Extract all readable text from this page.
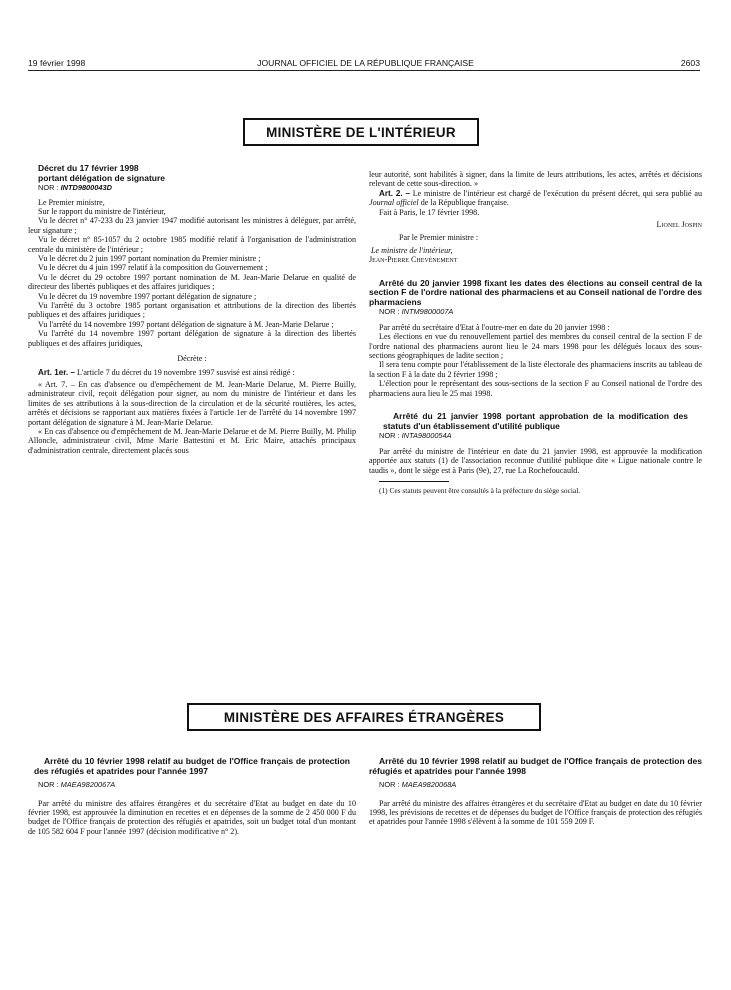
19 février 1998	JOURNAL OFFICIEL DE LA RÉPUBLIQUE FRANÇAISE	2603
MINISTÈRE DE L'INTÉRIEUR

Décret du 17 février 1998

portant délégation de signature

NOR : INTD9800043D

Le Premier ministre,

Sur le rapport du ministre de l'intérieur,

Vu le décret n° 47-233 du 23 janvier 1947 modifié autorisant les ministres à déléguer, par arrêté, leur signature ;

Vu le décret n° 85-1057 du 2 octobre 1985 modifié relatif à l'organisation de l'administration centrale du ministère de l'intérieur ;

Vu le décret du 2 juin 1997 portant nomination du Premier ministre ;

Vu le décret du 4 juin 1997 relatif à la composition du Gouvernement ;

Vu le décret du 29 octobre 1997 portant nomination de M. Jean-Marie Delarue en qualité de directeur des libertés publiques et des affaires juridiques ;

Vu le décret du 19 novembre 1997 portant délégation de signature ;

Vu l'arrêté du 3 octobre 1985 portant organisation et attributions de la direction des libertés publiques et des affaires juridiques ;

Vu l'arrêté du 14 novembre 1997 portant délégation de signature à M. Jean-Marie Delarue ;

Vu l'arrêté du 14 novembre 1997 portant délégation de signature à la direction des libertés publiques et des affaires juridiques,

Décrète :

Art. 1er. – L'article 7 du décret du 19 novembre 1997 susvisé est ainsi rédigé :

« Art. 7. – En cas d'absence ou d'empêchement de M. Jean-Marie Delarue, M. Pierre Builly, administrateur civil, reçoit délégation pour signer, au nom du ministre de l'intérieur et dans les limites de ses attributions à la sous-direction de la circulation et de la sécurité routières, les actes, arrêtés et décisions se rapportant aux matières fixées à l'article 1er de l'arrêté du 14 novembre 1997 portant délégation de signature à M. Jean-Marie Delarue.

« En cas d'absence ou d'empêchement de M. Jean-Marie Delarue et de M. Pierre Builly, M. Philip Alloncle, administrateur civil, Mme Marie Battestini et M. Eric Maire, attachés principaux d'administration centrale, directement placés sous

leur autorité, sont habilités à signer, dans la limite de leurs attributions, les actes, arrêtés et décisions relevant de cette sous-direction. »

Art. 2. – Le ministre de l'intérieur est chargé de l'exécution du présent décret, qui sera publié au Journal officiel de la République française.

Fait à Paris, le 17 février 1998.

Lionel Jospin

Par le Premier ministre :

Le ministre de l'intérieur,

Jean-Pierre Chevènement

Arrêté du 20 janvier 1998 fixant les dates des élections au conseil central de la section F de l'ordre national des pharmaciens et au Conseil national de l'ordre des pharmaciens

NOR : INTM9800007A

Par arrêté du secrétaire d'Etat à l'outre-mer en date du 20 janvier 1998 :

Les élections en vue du renouvellement partiel des membres du conseil central de la section F de l'ordre national des pharmaciens auront lieu le 24 mars 1998 pour les délégués locaux des sous-sections géographiques de ladite section ;

Il sera tenu compte pour l'établissement de la liste électorale des pharmaciens inscrits au tableau de la section F à la date du 2 février 1998 ;

L'élection pour le représentant des sous-sections de la section F au Conseil national de l'ordre des pharmaciens aura lieu le 25 mai 1998.

Arrêté du 21 janvier 1998 portant approbation de la modification des statuts d'un établissement d'utilité publique

NOR : INTA9800054A

Par arrêté du ministre de l'intérieur en date du 21 janvier 1998, est approuvée la modification apportée aux statuts (1) de l'association reconnue d'utilité publique dite « Ligue nationale contre le taudis », dont le siège est à Paris (9e), 27, rue La Rochefoucauld.

(1) Ces statuts peuvent être consultés à la préfecture du siège social.

MINISTÈRE DES AFFAIRES ÉTRANGÈRES

Arrêté du 10 février 1998 relatif au budget de l'Office français de protection des réfugiés et apatrides pour l'année 1997

NOR : MAEA9820067A

Par arrêté du ministre des affaires étrangères et du secrétaire d'Etat au budget en date du 10 février 1998, est approuvée la diminution en recettes et en dépenses de la somme de 2 450 000 F du budget de l'Office français de protection des réfugiés et apatrides, soit un budget total d'un montant de 105 582 604 F pour l'année 1997 (décision modificative n° 2).

Arrêté du 10 février 1998 relatif au budget de l'Office français de protection des réfugiés et apatrides pour l'année 1998

NOR : MAEA9820068A

Par arrêté du ministre des affaires étrangères et du secrétaire d'Etat au budget en date du 10 février 1998, les prévisions de recettes et de dépenses du budget de l'Office français de protection des réfugiés et apatrides pour l'année 1998 s'élèvent à la somme de 101 559 209 F.
